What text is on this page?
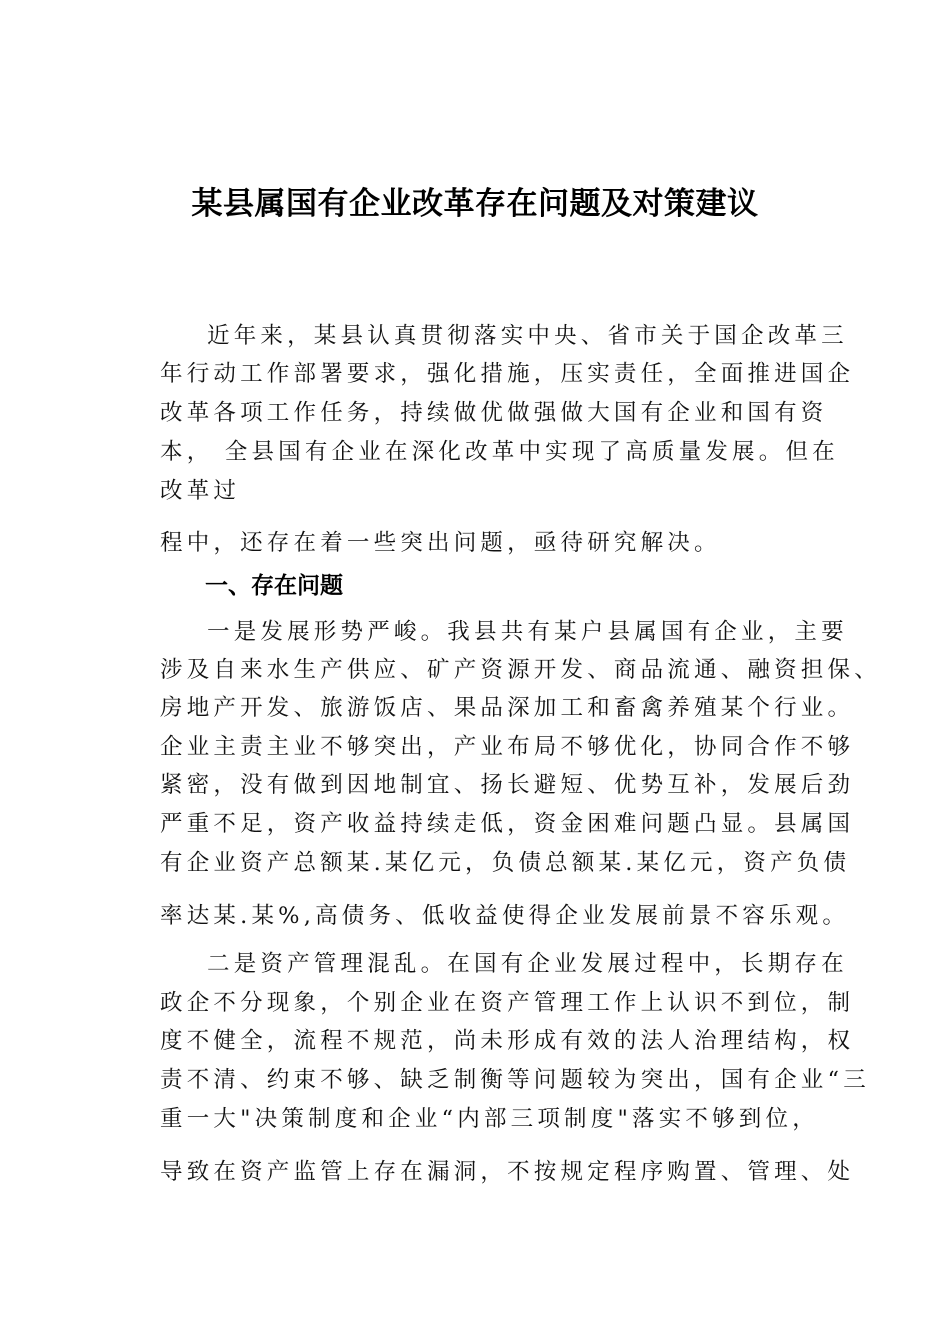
某县属国有企业改革存在问题及对策建议

近年来，某县认真贯彻落实中央、省市关于国企改革三

年行动工作部署要求，强化措施，压实责任，全面推进国企

改革各项工作任务，持续做优做强做大国有企业和国有资

本， 全县国有企业在深化改革中实现了高质量发展。但在

改革过

程中，还存在着一些突出问题，亟待研究解决。

一、存在问题

一是发展形势严峻。我县共有某户县属国有企业，主要

涉及自来水生产供应、矿产资源开发、商品流通、融资担保、

房地产开发、旅游饭店、果品深加工和畜禽养殖某个行业。

企业主责主业不够突出，产业布局不够优化，协同合作不够

紧密，没有做到因地制宜、扬长避短、优势互补，发展后劲

严重不足，资产收益持续走低，资金困难问题凸显。县属国

有企业资产总额某.某亿元，负债总额某.某亿元，资产负债

率达某.某%,高债务、低收益使得企业发展前景不容乐观。

二是资产管理混乱。在国有企业发展过程中，长期存在

政企不分现象，个别企业在资产管理工作上认识不到位，制

度不健全，流程不规范，尚未形成有效的法人治理结构，权

责不清、约束不够、缺乏制衡等问题较为突出，国有企业“三

重一大"决策制度和企业“内部三项制度"落实不够到位，

导致在资产监管上存在漏洞，不按规定程序购置、管理、处
